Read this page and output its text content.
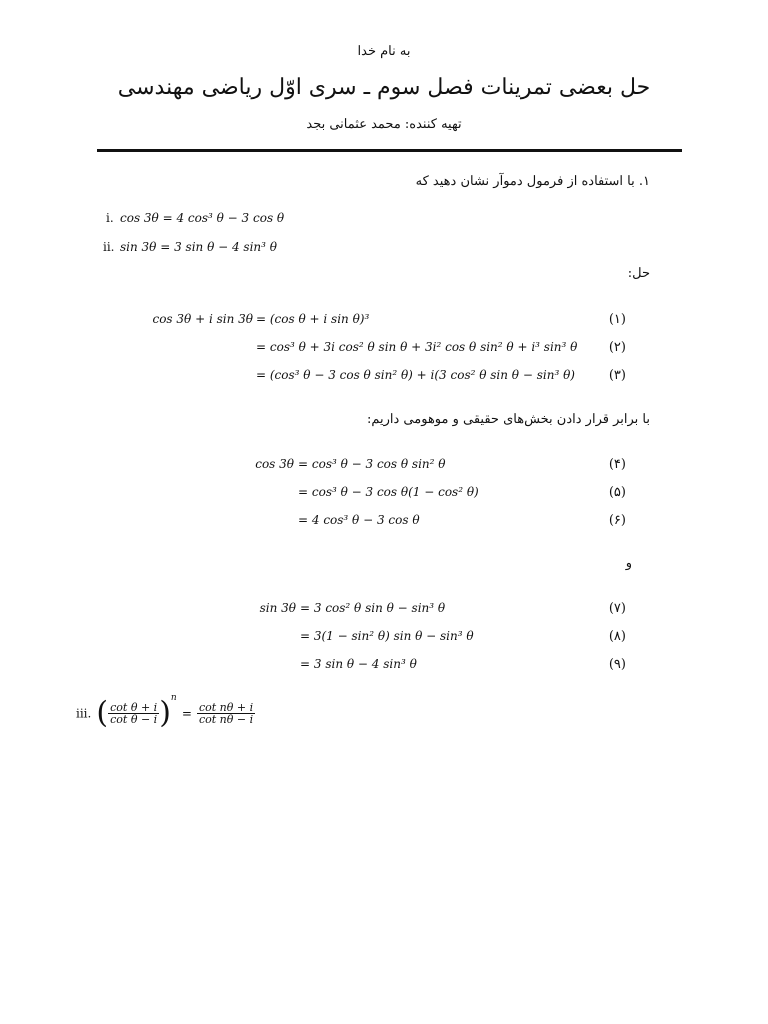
به نام خدا
حل بعضی تمرینات فصل سوم ـ سری اوّل ریاضی مهندسی
تهیه کننده: محمد عثمانی بجد
۱. با استفاده از فرمول دموآر نشان دهید که
i. cos 3θ = 4 cos³ θ − 3 cos θ
ii. sin 3θ = 3 sin θ − 4 sin³ θ
حل:
cos 3θ + i sin 3θ = (cos θ + i sin θ)³	(۱)
= cos³ θ + 3i cos² θ sin θ + 3i² cos θ sin² θ + i³ sin³ θ (۲)
= (cos³ θ − 3 cos θ sin² θ) + i(3 cos² θ sin θ − sin³ θ)	(۳)
با برابر قرار دادن بخش‌های حقیقی و موهومی داریم:
cos 3θ = cos³ θ − 3 cos θ sin² θ	(۴)
= cos³ θ − 3 cos θ(1 − cos² θ)	(۵)
= 4 cos³ θ − 3 cos θ	(۶)
و
sin 3θ = 3 cos² θ sin θ − sin³ θ	(۷)
= 3(1 − sin² θ) sin θ − sin³ θ	(۸)
= 3 sin θ − 4 sin³ θ	(۹)
iii. ( $\frac{\text{cot θ + i}}{\text{cot θ − i}} )^n = \frac{\text{cot nθ + i}}{\text{cot nθ − i}}$
